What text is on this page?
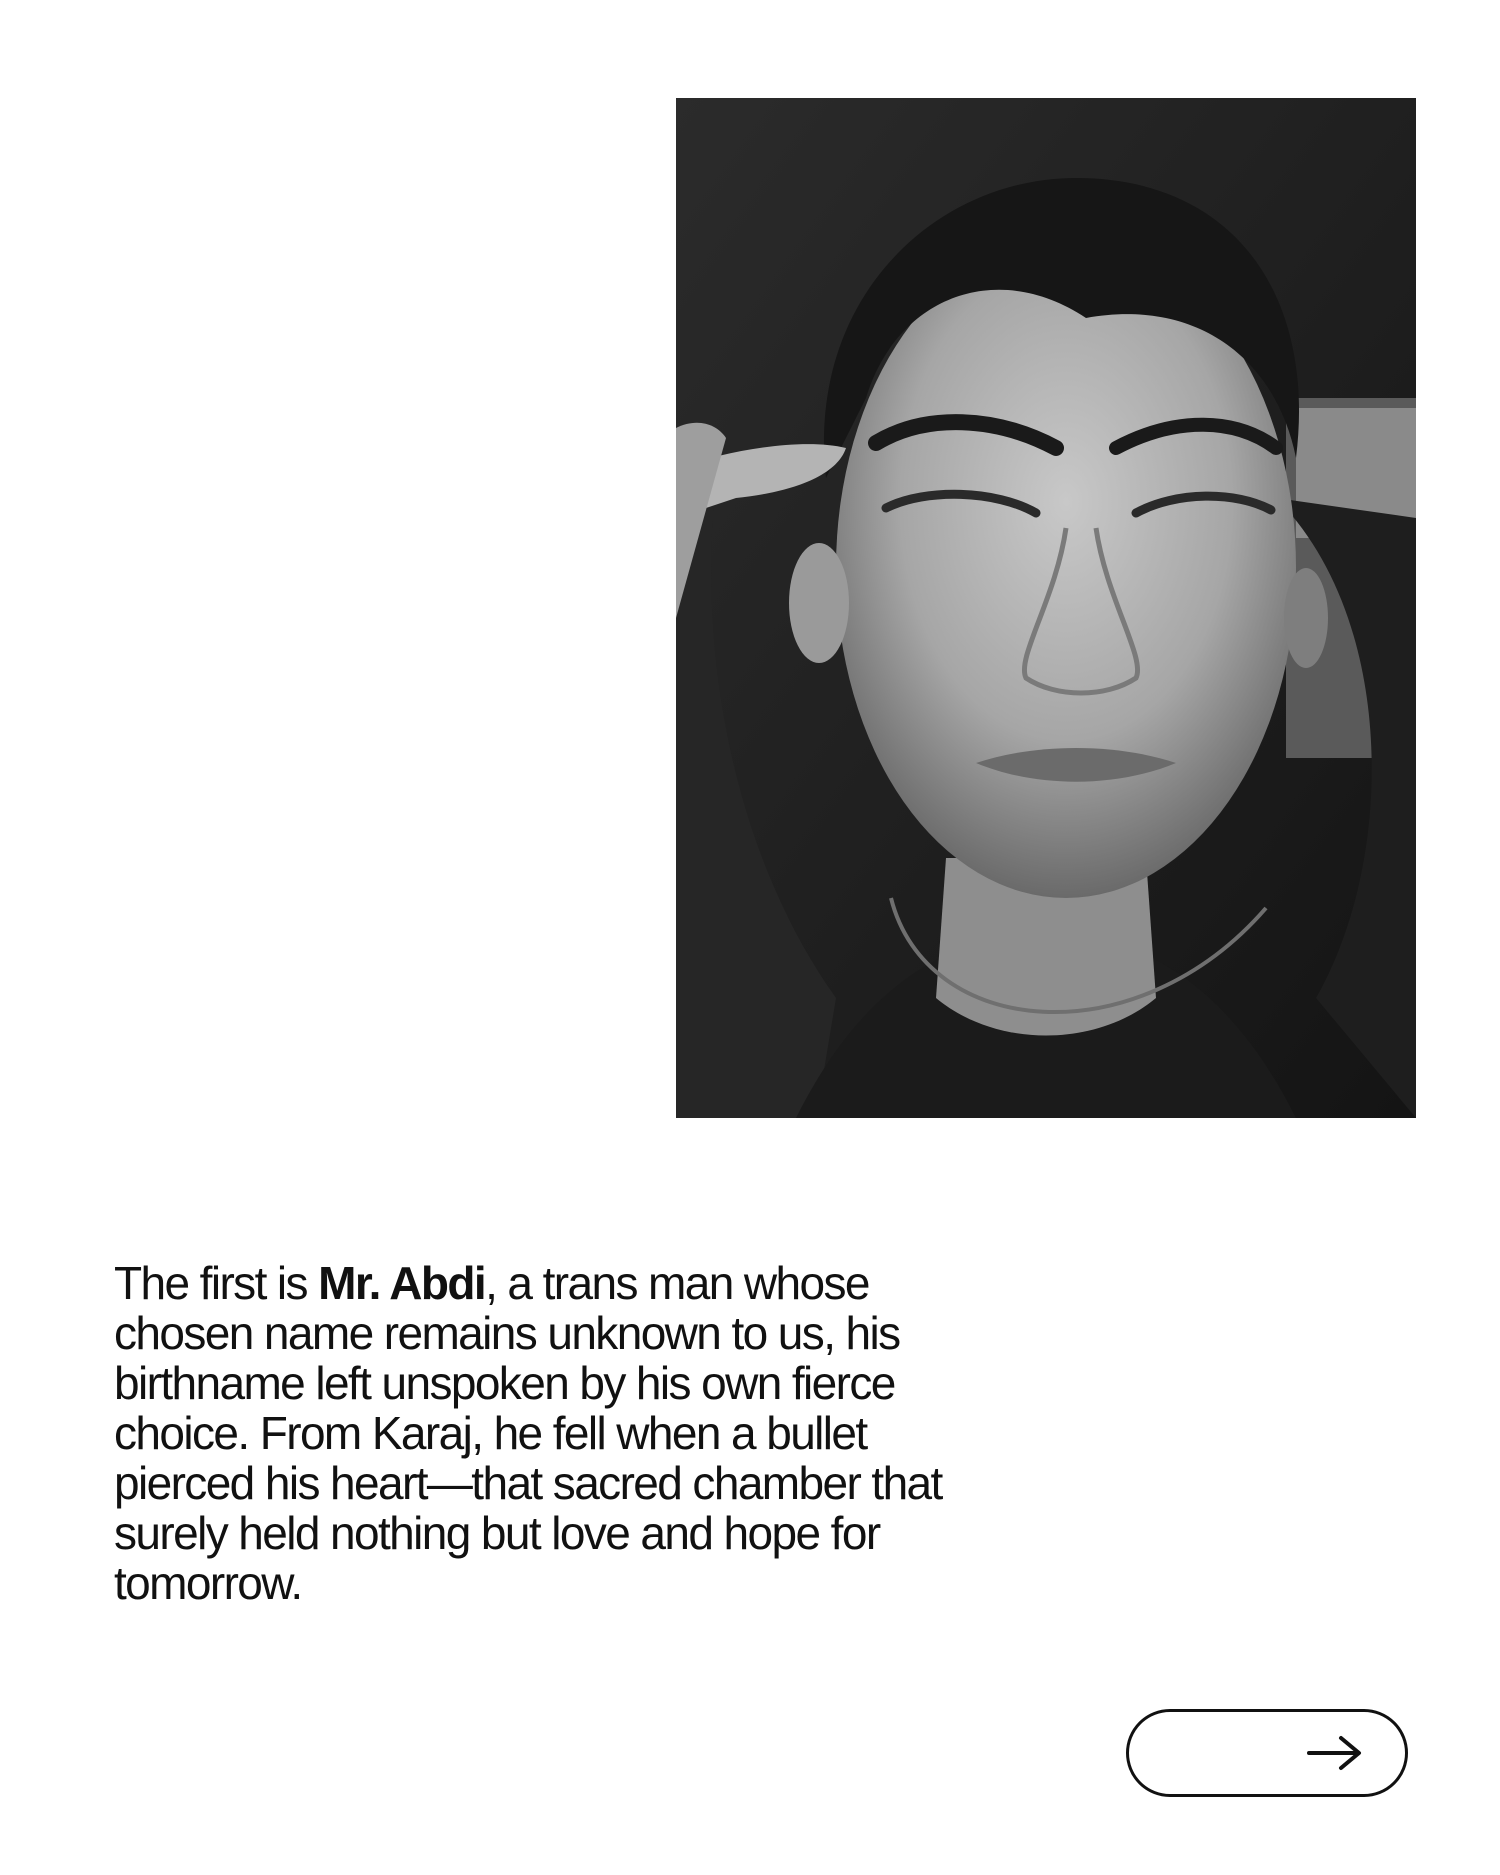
The first is Mr. Abdi, a trans man whose chosen name remains unknown to us, his birthname left unspoken by his own fierce choice. From Karaj, he fell when a bullet pierced his heart—that sacred chamber that surely held nothing but love and hope for tomorrow.
